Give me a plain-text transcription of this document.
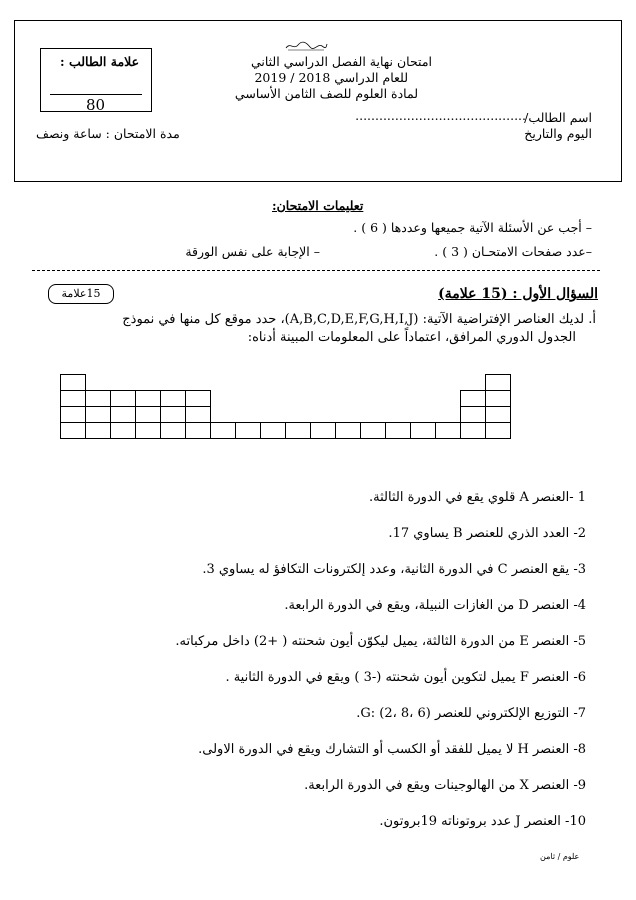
علامة الطالب :
80
امتحان نهاية الفصل الدراسي الثاني
للعام الدراسي 2018 / 2019
لمادة العلوم للصف الثامن الأساسي
اسم الطالب/
...........................................
اليوم والتاريخ
مدة الامتحان : ساعة ونصف
تعليمات الامتحان:
– أجب عن الأسئلة الآتية جميعها وعددها ( 6 ) .
–عدد صفحات الامتحـان ( 3 ) .
– الإجابة على نفس الورقة
السؤال الأول : (15 علامة)
15علامة
أ. لديك العناصر الإفتراضية الآتية: (A,B,C,D,E,F,G,H,I,J)، حدد موقع كل منها في نموذج
الجدول الدوري المرافق، اعتماداً على المعلومات المبينة أدناه:

1 -العنصر A قلوي يقع في الدورة الثالثة.
2- العدد الذري للعنصر B يساوي 17.
3- يقع العنصر C في الدورة الثانية، وعدد إلكترونات التكافؤ له يساوي 3.
4- العنصر D من الغازات النبيلة، ويقع في الدورة الرابعة.
5- العنصر E من الدورة الثالثة، يميل ليكوّن أيون شحنته ( +2) داخل مركباته.
6- العنصر F يميل لتكوين أيون شحنته (-3 ) ويقع في الدورة الثانية .
7- التوزيع الإلكتروني للعنصر G: (2، 8، 6).
8- العنصر H لا يميل للفقد أو الكسب أو التشارك ويقع في الدورة الاولى.
9- العنصر X من الهالوجينات ويقع في الدورة الرابعة.
10- العنصر J عدد بروتوناته 19بروتون.
علوم / ثامن
